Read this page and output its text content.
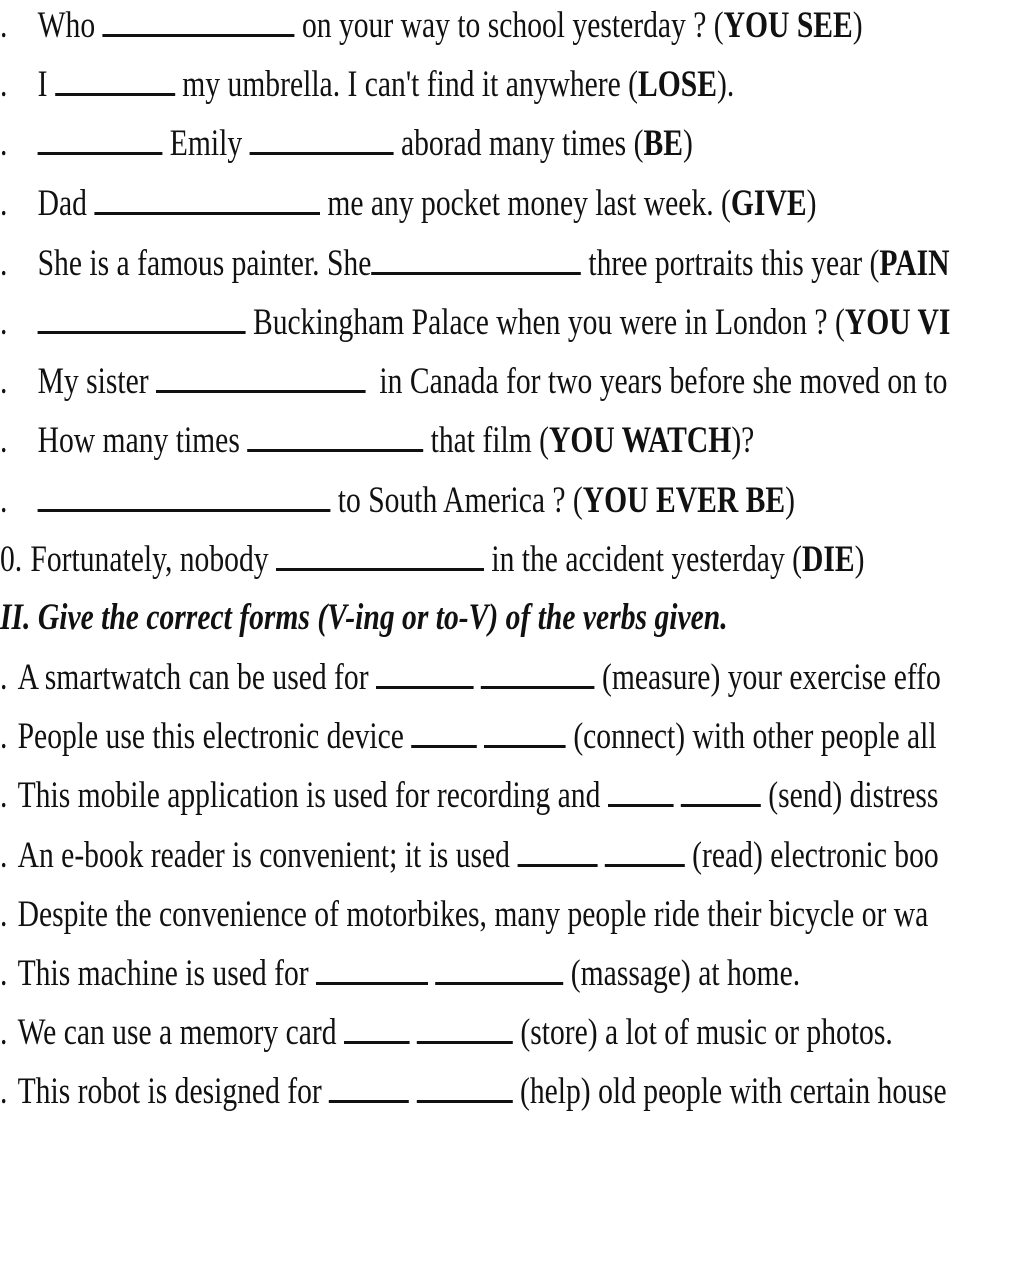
. Who	on your way to school yesterday ? (YOU SEE)
. I	my umbrella. I can't find it anywhere (LOSE).
.	Emily	aborad many times (BE)
. Dad	me any pocket money last week. (GIVE)
. She is a famous painter. She	three portraits this year (PAIN
.	Buckingham Palace when you were in London ? (YOU VI
. My sister	in Canada for two years before she moved on to
. How many times	that film (YOU WATCH)?
.	to South America ? (YOU EVER BE)
0. Fortunately, nobody	in the accident yesterday (DIE)
II. Give the correct forms (V-ing or to-V) of the verbs given.
. A smartwatch can be used for	(measure) your exercise effo
. People use this electronic device	(connect) with other people all
. This mobile application is used for recording and	(send) distress
. An e-book reader is convenient; it is used	(read) electronic boo
. Despite the convenience of motorbikes, many people ride their bicycle or wa
. This machine is used for	(massage) at home.
. We can use a memory card	(store) a lot of music or photos.
. This robot is designed for	(help) old people with certain house
